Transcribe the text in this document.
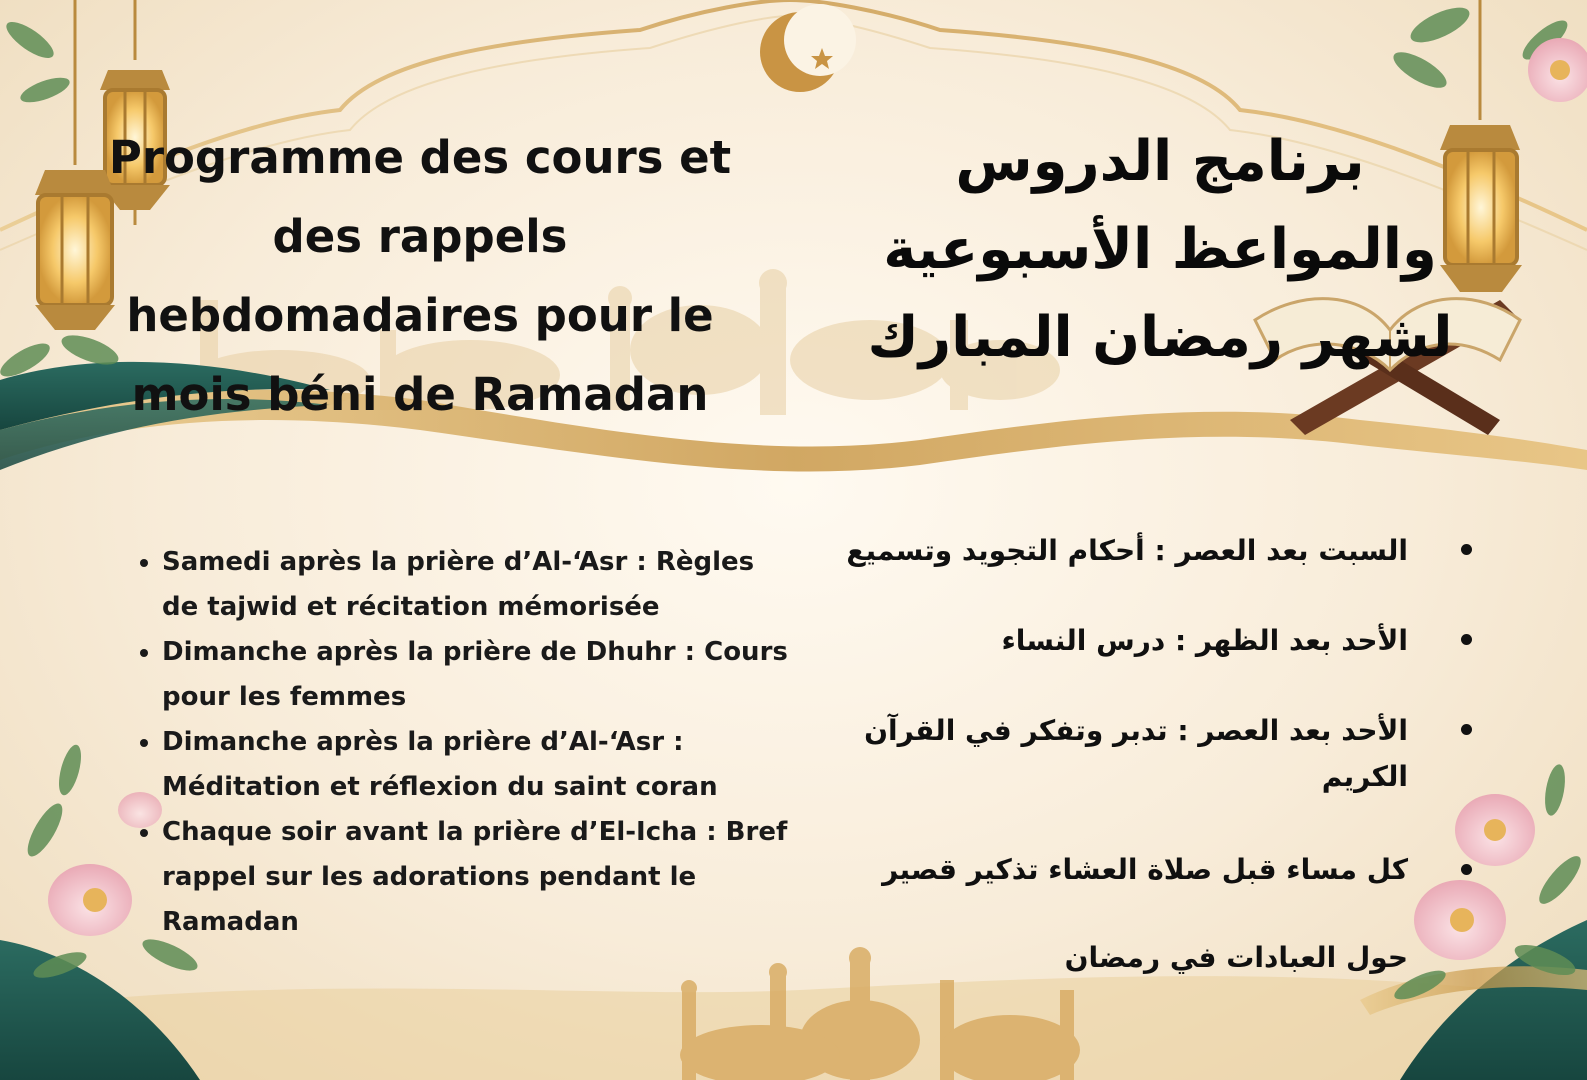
Programme des cours et des rappels hebdomadaires pour le mois béni de Ramadan
برنامج الدروس والمواعظ الأسبوعية لشهر رمضان المبارك
• Samedi après la prière d’Al-‘Asr : Règles de tajwid et récitation mémorisée
• Dimanche après la prière de Dhuhr : Cours pour les femmes
• Dimanche après la prière d’Al-‘Asr : Méditation et réflexion du saint coran
• Chaque soir avant la prière d’El-Icha : Bref rappel sur les adorations pendant le Ramadan
السبت بعد العصر : أحكام التجويد وتسميع
الأحد بعد الظهر : درس النساء
الأحد بعد العصر : تدبر وتفكر في القرآن الكريم
كل مساء قبل صلاة العشاء تذكير قصير حول العبادات في رمضان
